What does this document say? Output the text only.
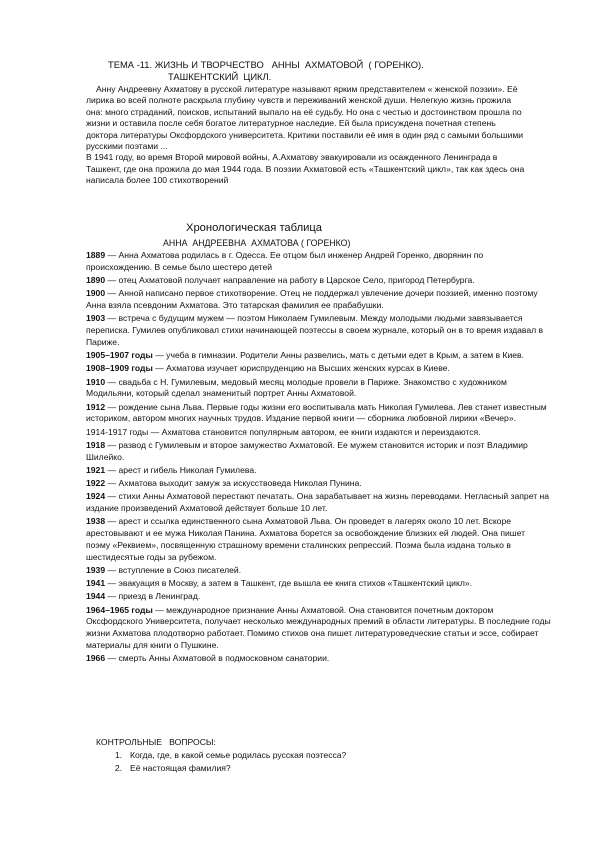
ТЕМА -11. ЖИЗНЬ И ТВОРЧЕСТВО   АННЫ  АХМАТОВОЙ  ( ГОРЕНКО).
ТАШКЕНТСКИЙ  ЦИКЛ.

Анну Андреевну Ахматову в русской литературе называют ярким представителем « женской поэзии». Её лирика во всей полноте раскрыла глубину чувств и переживаний женской души. Нелегкую жизнь прожила она: много страданий, поисков, испытаний выпало на её судьбу. Но она с честью и достоинством прошла по жизни и оставила после себя богатое литературное наследие. Ей была присуждена почетная степень доктора литературы Оксфордского университета. Критики поставили её имя в один ряд с самыми большими русскими поэтами ...

В 1941 году, во время Второй мировой войны, А.Ахматову эвакуировали из осажденного Ленинграда в Ташкент, где она прожила до мая 1944 года. В поэзии Ахматовой есть «Ташкентский цикл», так как здесь она написала более 100 стихотворений

Хронологическая таблица
АННА  АНДРЕЕВНА  АХМАТОВА ( ГОРЕНКО)

1889 — Анна Ахматова родилась в г. Одесса. Ее отцом был инженер Андрей Горенко, дворянин по происхождению. В семье было шестеро детей

1890 — отец Ахматовой получает направление на работу в Царское Село, пригород Петербурга.

1900 — Анной написано первое стихотворение. Отец не поддержал увлечение дочери поэзией, именно поэтому Анна взяла псевдоним Ахматова. Это татарская фамилия ее прабабушки.

1903 — встреча с будущим мужем — поэтом Николаем Гумилевым. Между молодыми людьми завязывается переписка. Гумилев опубликовал стихи начинающей поэтессы в своем журнале, который он в то время издавал в Париже.

1905–1907 годы — учеба в гимназии. Родители Анны развелись, мать с детьми едет в Крым, а затем в Киев.

1908–1909 годы — Ахматова изучает юриспруденцию на Высших женских курсах в Киеве.

1910 — свадьба с Н. Гумилевым, медовый месяц молодые провели в Париже. Знакомство с художником Модильяни, который сделал знаменитый портрет Анны Ахматовой.

1912 — рождение сына Льва. Первые годы жизни его воспитывала мать Николая Гумилева. Лев станет известным историком, автором многих научных трудов. Издание первой книги — сборника любовной лирики «Вечер».

1914-1917 годы — Ахматова становится популярным автором, ее книги издаются и переиздаются.

1918 — развод с Гумилевым и второе замужество Ахматовой. Ее мужем становится историк и поэт Владимир Шилейко.

1921 — арест и гибель Николая Гумилева.

1922 — Ахматова выходит замуж за искусствоведа Николая Пунина.

1924 — стихи Анны Ахматовой перестают печатать. Она зарабатывает на жизнь переводами. Негласный запрет на издание произведений Ахматовой действует больше 10 лет.

1938 — арест и ссылка единственного сына Ахматовой Льва. Он проведет в лагерях около 10 лет. Вскоре арестовывают и ее мужа Николая Панина. Ахматова борется за освобождение близких ей людей. Она пишет поэму «Реквием», посвященную страшному времени сталинских репрессий. Поэма была издана только в шестидесятые годы за рубежом.

1939 — вступление в Союз писателей.

1941 — эвакуация в Москву, а затем в Ташкент, где вышла ее книга стихов «Ташкентский цикл».

1944 — приезд в Ленинград.

1964–1965 годы — международное признание Анны Ахматовой. Она становится почетным доктором Оксфордского Университета, получает несколько международных премий в области литературы. В последние годы жизни Ахматова плодотворно работает. Помимо стихов она пишет литературоведческие статьи и эссе, собирает материалы для книги о Пушкине.

1966 — смерть Анны Ахматовой в подмосковном санатории.

КОНТРОЛЬНЫЕ   ВОПРОСЫ:
1. Когда, где, в какой семье родилась русская поэтесса?
2. Её настоящая фамилия?
